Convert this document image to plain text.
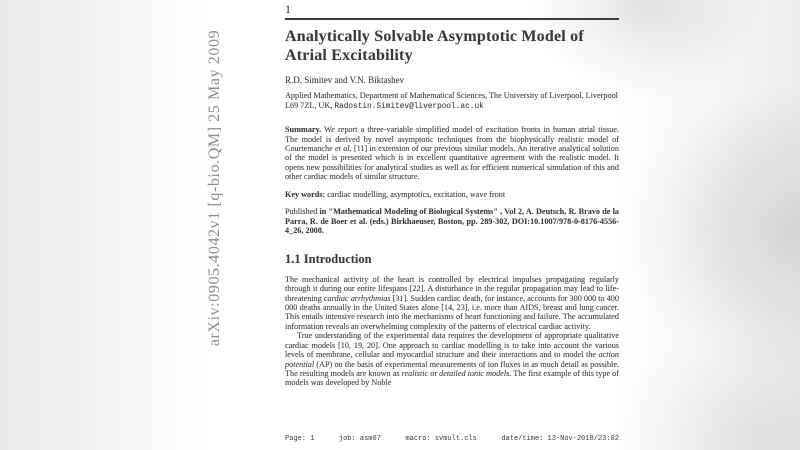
arXiv:0905.4042v1 [q-bio.QM] 25 May 2009
1
Analytically Solvable Asymptotic Model of
Atrial Excitability
R.D. Simitev and V.N. Biktashev
Applied Mathematics, Department of Mathematical Sciences, The University of Liverpool, Liverpool L69 7ZL, UK, Radostin.Simitev@liverpool.ac.uk

Summary. We report a three-variable simplified model of excitation fronts in human atrial tissue. The model is derived by novel asymptotic techniques from the biophysically realistic model of Courtemanche et al. [11] in extension of our previous similar models. An iterative analytical solution of the model is presented which is in excellent quantitative agreement with the realistic model. It opens new possibilities for analytical studies as well as for efficient numerical simulation of this and other cardiac models of similar structure.

Key words: cardiac modelling, asymptotics, excitation, wave front

Published in "Mathematical Modeling of Biological Systems" , Vol 2, A. Deutsch, R. Bravo de la Parra, R. de Boer et al. (eds.) Birkhaeuser, Boston, pp. 289-302, DOI:10.1007/978-0-8176-4556-4_26, 2008.

1.1 Introduction

The mechanical activity of the heart is controlled by electrical impulses propagating regularly through it during our entire lifespans [22]. A disturbance in the regular propagation may lead to life-threatening cardiac arrhythmias [31]. Sudden cardiac death, for instance, accounts for 300 000 to 400 000 deaths annually in the United States alone [14, 23], i.e. more than AIDS, breast and lung cancer. This entails intensive research into the mechanisms of heart functioning and failure. The accumulated information reveals an overwhelming complexity of the patterns of electrical cardiac activity.

True understanding of the experimental data requires the development of appropriate qualitative cardiac models [10, 19, 20]. One approach to cardiac modelling is to take into account the various levels of membrane, cellular and myocardial structure and their interactions and to model the action potential (AP) on the basis of experimental measurements of ion fluxes in as much detail as possible. The resulting models are known as realistic or detailed ionic models. The first example of this type of models was developed by Noble

Page: 1	job: asm07	macro: svmult.cls	date/time: 13-Nov-2018/23:02
